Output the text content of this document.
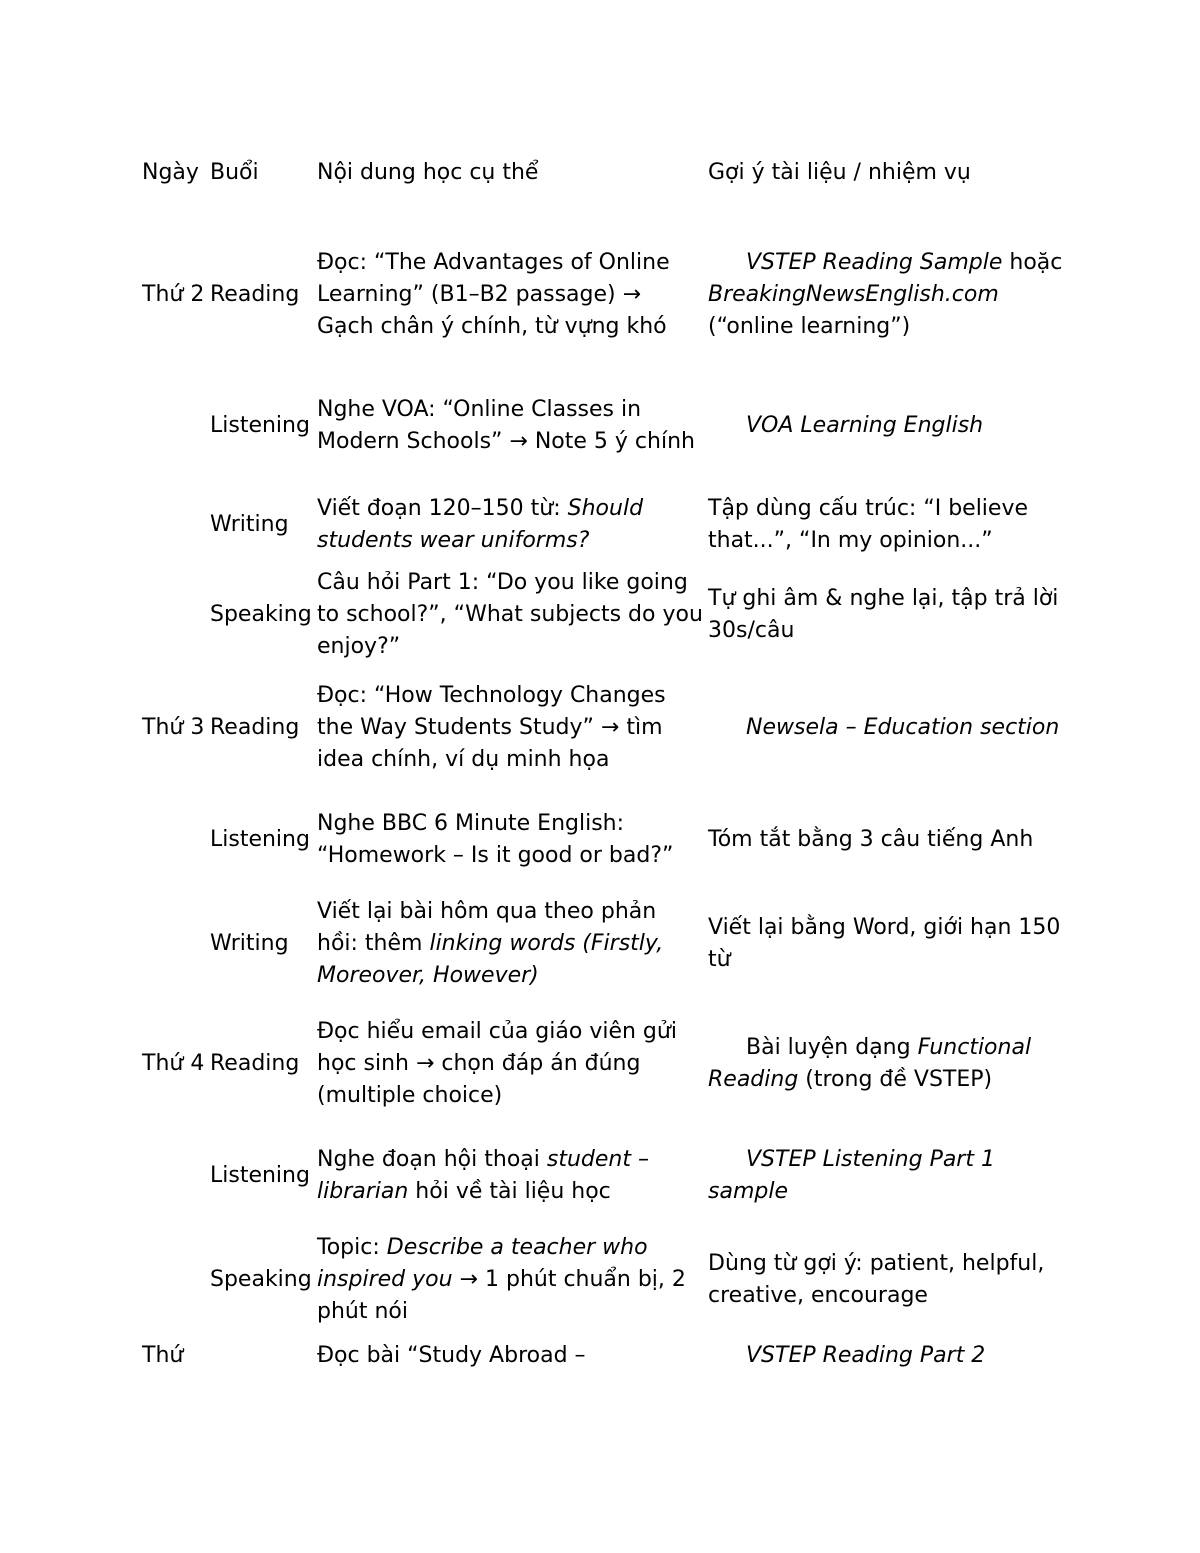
Ngày	Buổi	Nội dung học cụ thể	Gợi ý tài liệu / nhiệm vụ

Thứ 2	Reading	Đọc: “The Advantages of Online Learning” (B1–B2 passage) → Gạch chân ý chính, từ vựng khó	VSTEP Reading Sample hoặc BreakingNewsEnglish.com (“online learning”)
	Listening	Nghe VOA: “Online Classes in Modern Schools” → Note 5 ý chính	VOA Learning English
	Writing	Viết đoạn 120–150 từ: Should students wear uniforms?	Tập dùng cấu trúc: “I believe that...”, “In my opinion...”
	Speaking	Câu hỏi Part 1: “Do you like going to school?”, “What subjects do you enjoy?”	Tự ghi âm & nghe lại, tập trả lời 30s/câu
Thứ 3	Reading	Đọc: “How Technology Changes the Way Students Study” → tìm idea chính, ví dụ minh họa	Newsela – Education section
	Listening	Nghe BBC 6 Minute English: “Homework – Is it good or bad?”	Tóm tắt bằng 3 câu tiếng Anh
	Writing	Viết lại bài hôm qua theo phản hồi: thêm linking words (Firstly, Moreover, However)	Viết lại bằng Word, giới hạn 150 từ
Thứ 4	Reading	Đọc hiểu email của giáo viên gửi học sinh → chọn đáp án đúng (multiple choice)	Bài luyện dạng Functional Reading (trong đề VSTEP)
	Listening	Nghe đoạn hội thoại student – librarian hỏi về tài liệu học	VSTEP Listening Part 1 sample
	Speaking	Topic: Describe a teacher who inspired you → 1 phút chuẩn bị, 2 phút nói	Dùng từ gợi ý: patient, helpful, creative, encourage
Thứ		Đọc bài “Study Abroad –	VSTEP Reading Part 2
